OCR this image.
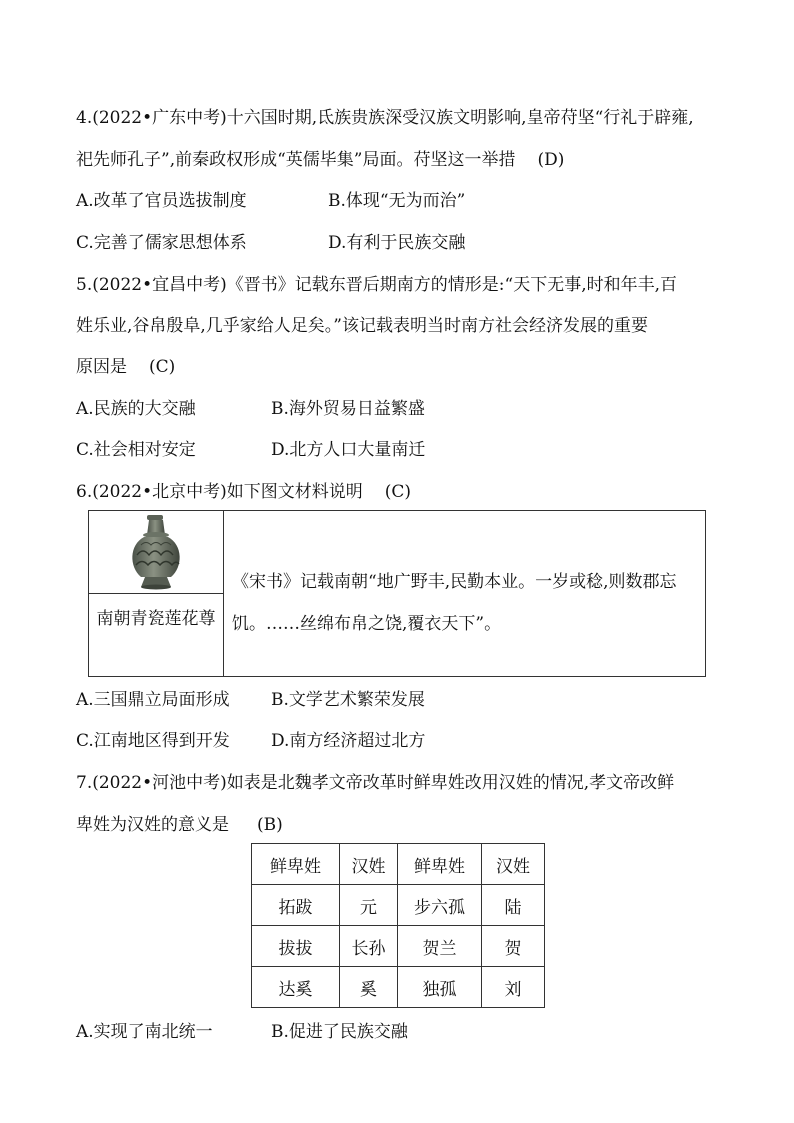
4.(2022•广东中考)十六国时期,氐族贵族深受汉族文明影响,皇帝苻坚“行礼于辟雍,
祀先师孔子”,前秦政权形成“英儒毕集”局面。苻坚这一举措 (D)
A.改革了官员选拔制度	B.体现“无为而治”
C.完善了儒家思想体系	D.有利于民族交融
5.(2022•宜昌中考)《晋书》记载东晋后期南方的情形是:“天下无事,时和年丰,百
姓乐业,谷帛殷阜,几乎家给人足矣。”该记载表明当时南方社会经济发展的重要
原因是 (C)
A.民族的大交融	B.海外贸易日益繁盛
C.社会相对安定	D.北方人口大量南迁
6.(2022•北京中考)如下图文材料说明 (C)
南朝青瓷莲花尊
《宋书》记载南朝“地广野丰,民勤本业。一岁或稔,则数郡忘饥。……丝绵布帛之饶,覆衣天下”。
A.三国鼎立局面形成 B.文学艺术繁荣发展
C.江南地区得到开发 D.南方经济超过北方
7.(2022•河池中考)如表是北魏孝文帝改革时鲜卑姓改用汉姓的情况,孝文帝改鲜
卑姓为汉姓的意义是 (B)
鲜卑姓	汉姓	鲜卑姓	汉姓
拓跋	元	步六孤	陆
拔拔	长孙	贺兰	贺
达奚	奚	独孤	刘
A.实现了南北统一	B.促进了民族交融
